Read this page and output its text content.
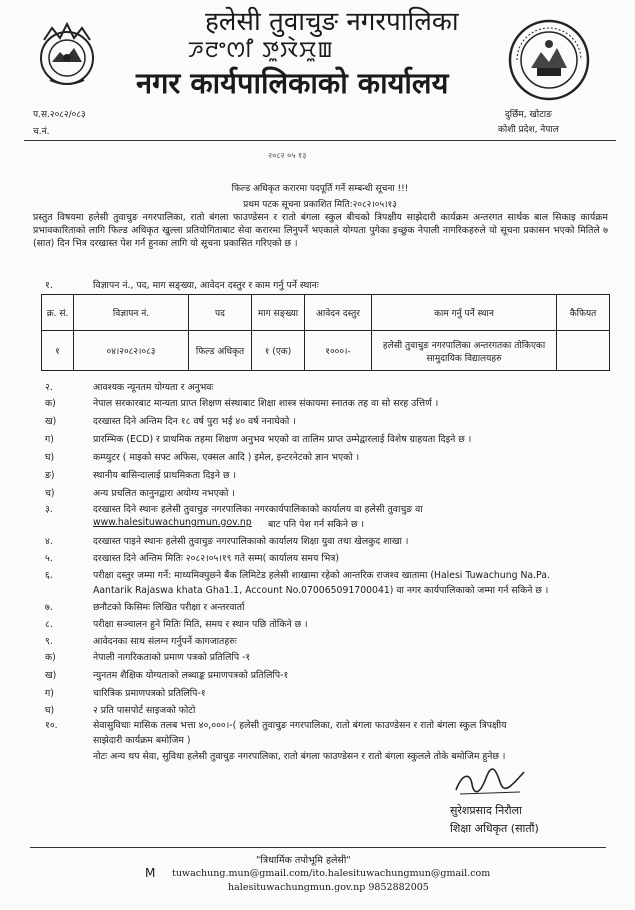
हलेसी तुवाचुङ नगरपालिका
ꯍꯂꯦꯁꯤ ꯇꯨꯋꯥꯆꯨꯡ
नगर कार्यपालिकाको कार्यालय
प.स.२०८२/०८३
च.नं.
दुर्छिम, खोटाङ
कोशी प्रदेश, नेपाल
२०८२ ०५ १३
फिल्ड अधिकृत करारमा पदपूर्ति गर्ने सम्बन्धी सूचना !!!
प्रथम पटक सूचना प्रकाशित मिति:२०८२।०५।१३
प्रस्तुत विषयमा हलेसी तुवाचुङ नगरपालिका, रातो बंगला फाउण्डेसन र रातो बंगला स्कुल बीचको त्रिपक्षीय साझेदारी कार्यक्रम अन्तरगत सार्थक बाल सिकाइ कार्यक्रम प्रभावकारिताको लागि फिल्ड अधिकृत खुल्ला प्रतियोगिताबाट सेवा करारमा लिनुपर्ने भएकाले योग्यता पुगेका इच्छुक नेपाली नागरिकहरुले यो सूचना प्रकासन भएको मितिले ७ (सात) दिन भित्र दरखास्त पेश गर्न हुनका लागि यो सूचना प्रकासित गरिएको छ ।
१.	विज्ञापन नं., पद, माग सङ्ख्या, आवेदन दस्तुर र काम गर्नु पर्ने स्थानः
क्र. सं.	विज्ञापन नं.	पद	माग सङ्ख्या	आवेदन दस्तुर	काम गर्नु पर्ने स्थान	कैफियत
१	०४।२०८२।०८३	फिल्ड अधिकृत	१ (एक)	१०००।-	हलेसी तुवाचुङ नगरपालिका अन्तरगतका तोकिएका सामुदायिक विद्यालयहरु	
२.	आवश्यक न्यूनतम योग्यता र अनुभवः
क)	नेपाल सरकारबाट मान्यता प्राप्त शिक्षण संस्थाबाट शिक्षा शास्त्र संकायमा स्नातक तह वा सो सरह उत्तिर्ण ।
ख)	दरखास्त दिने अन्तिम दिन १८ वर्ष पुरा भई ४० वर्ष ननाघेको ।
ग)	प्रारम्भिक (ECD) र प्राथमिक तहमा शिक्षण अनुभव भएको वा तालिम प्राप्त उम्मेद्वारलाई विशेष ग्राहयता दिइने छ ।
घ)	कम्प्युटर ( माइको सफ्ट अफिस, एक्सल आदि ) इमेल, इन्टरनेटको ज्ञान भएको ।
ङ)	स्थानीय बासिन्दालाई प्राथमिकता दिइने छ ।
च)	अन्य प्रचलित कानुनद्वारा अयोग्य नभएको ।
३.	दरखास्त दिने स्थानः हलेसी तुवाचुङ नगरपालिका नगरकार्यपालिकाको कार्यालय वा हलेसी तुवाचुङ वा
www.halesituwachungmun.gov.np बाट पनि पेश गर्न सकिने छ ।
४.	दरखास्त पाइने स्थानः हलेसी तुवाचुङ नगरपालिकाको कार्यालय शिक्षा युवा तथा खेलकुद शाखा ।
५.	दरखास्त दिने अन्तिम मितिः २०८२।०५।१९ गते सम्म( कार्यालय समय भित्र)
६.	परीक्षा दस्तुर जम्मा गर्ने: माध्यमिक्पुछ्ने बैंक लिमिटेड हलेसी शाखामा रहेको आन्तरिक राजश्व खातामा (Halesi Tuwachung Na.Pa.
Aantarik Rajaswa khata Gha1.1, Account No.070065091700041) वा नगर कार्यपालिकाको जम्मा गर्न सकिने छ ।
७.	छनौटको किसिमः लिखित परीक्षा र अन्तरवार्ता
८.	परीक्षा सञ्चालन हुने मितिः मिति, समय र स्थान पछि तोकिने छ ।
९.	आवेदनका साथ संलग्न गर्नुपर्ने कागजातहरुः
क)	नेपाली नागरिकताको प्रमाण पत्रको प्रतिलिपि -१
ख)	न्युनतम शैक्षिक योग्यताको लब्धाङ्क प्रमाणपत्रको प्रतिलिपि-१
ग)	चारित्रिक प्रमाणपत्रको प्रतिलिपि-१
घ)	२ प्रति पासपोर्ट साइजको फोटो
१०.	सेवासुविधाः मासिक तलब भत्ता ४०,०००।-( हलेसी तुवाचुङ नगरपालिका, रातो बंगला फाउण्डेसन र रातो बंगला स्कुल त्रिपक्षीय
साझेदारी कार्यक्रम बमोजिम )
नोटः अन्य थप सेवा, सुविधा हलेसी तुवाचुङ नगरपालिका, रातो बंगला फाउण्डेसन र रातो बंगला स्कुलले तोके बमोजिम हुनेछ ।
सुरेशप्रसाद निरौला
शिक्षा अधिकृत (सातौं)
"त्रिधार्मिक तपोभूमि हलेसी"
M tuwachung.mun@gmail.com/ito.halesituwachungmun@gmail.com
halesituwachungmun.gov.np 9852882005
